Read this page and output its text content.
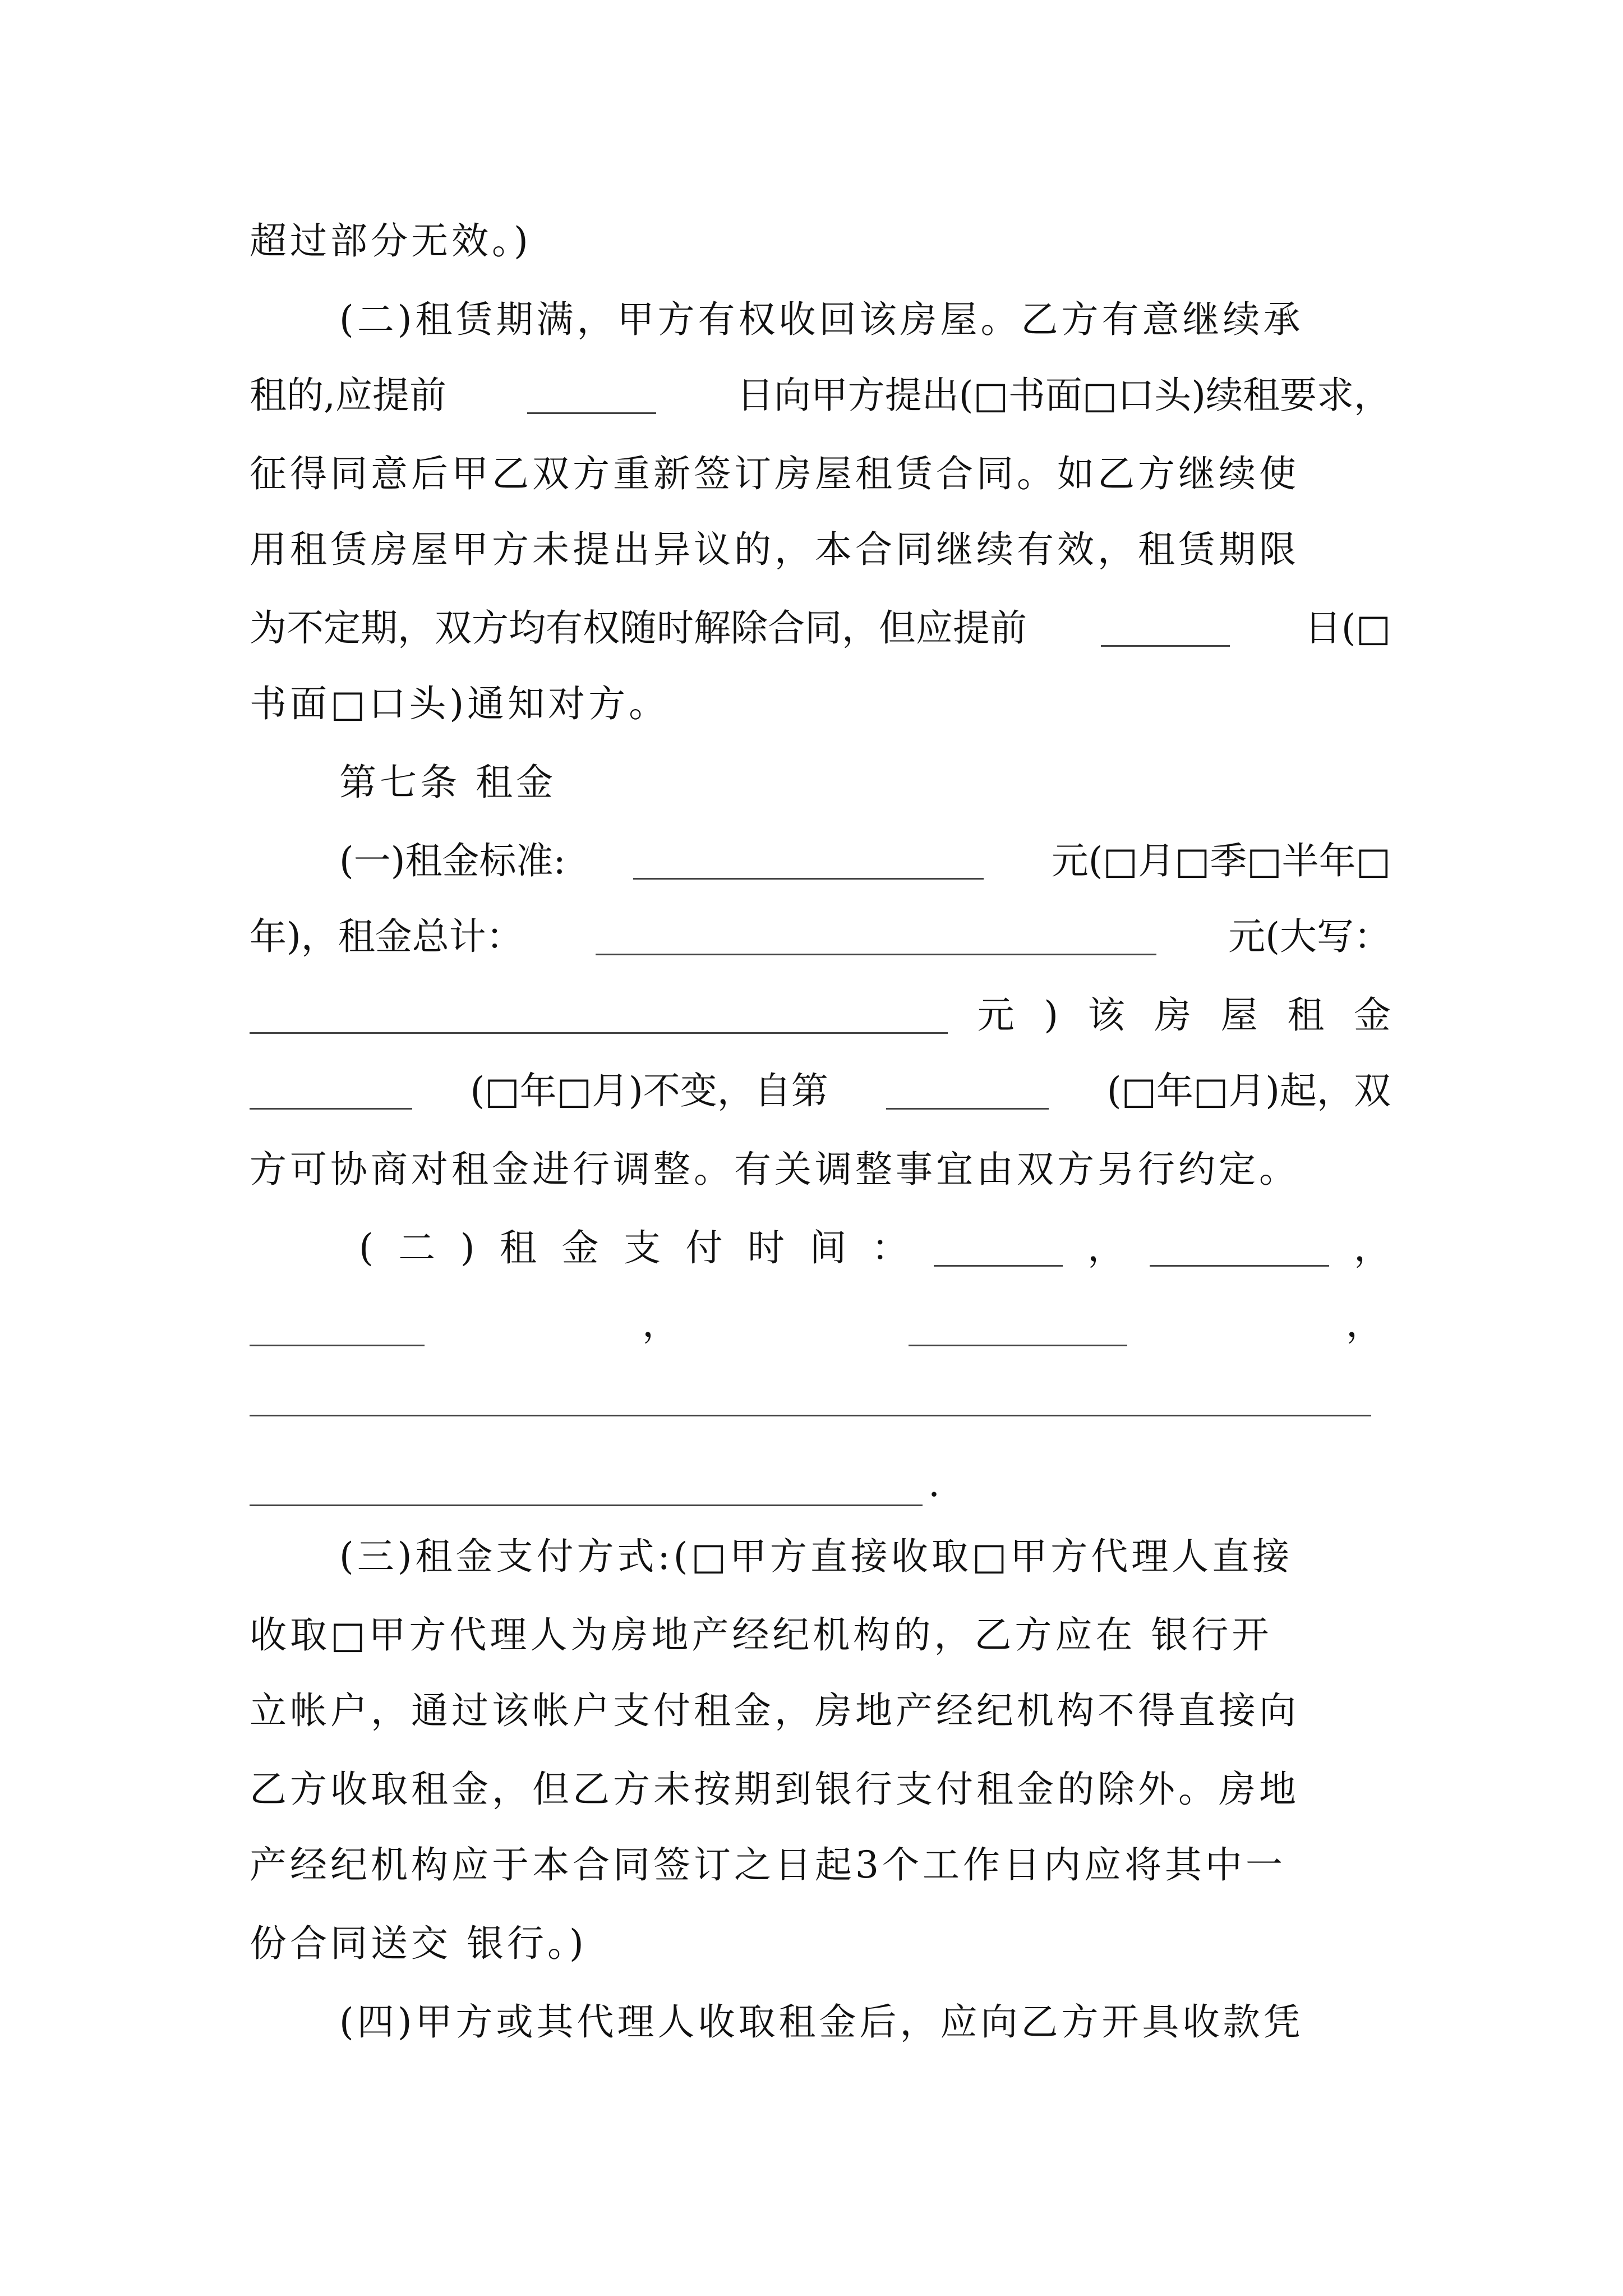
超过部分无效。)
(二)租赁期满，甲方有权收回该房屋。乙方有意继续承
租的,应提前	日向甲方提出(□书面□口头)续租要求，
征得同意后甲乙双方重新签订房屋租赁合同。如乙方继续使
用租赁房屋甲方未提出异议的，本合同继续有效，租赁期限
为不定期，双方均有权随时解除合同，但应提前	日(□
书面□口头)通知对方。
第七条 租金
(一)租金标准:	元(□月□季□半年□
年)，租金总计：	元(大写：
元 ) 该 房 屋 租 金
(□年□月)不变，自第	(□年□月)起，双
方可协商对租金进行调整。有关调整事宜由双方另行约定。
( 二 ) 租 金 支 付 时 间 ：	，	，
，	，
.
(三)租金支付方式:(□甲方直接收取□甲方代理人直接
收取□甲方代理人为房地产经纪机构的，乙方应在 银行开
立帐户，通过该帐户支付租金，房地产经纪机构不得直接向
乙方收取租金，但乙方未按期到银行支付租金的除外。房地
产经纪机构应于本合同签订之日起3个工作日内应将其中一
份合同送交 银行。)
(四)甲方或其代理人收取租金后，应向乙方开具收款凭
